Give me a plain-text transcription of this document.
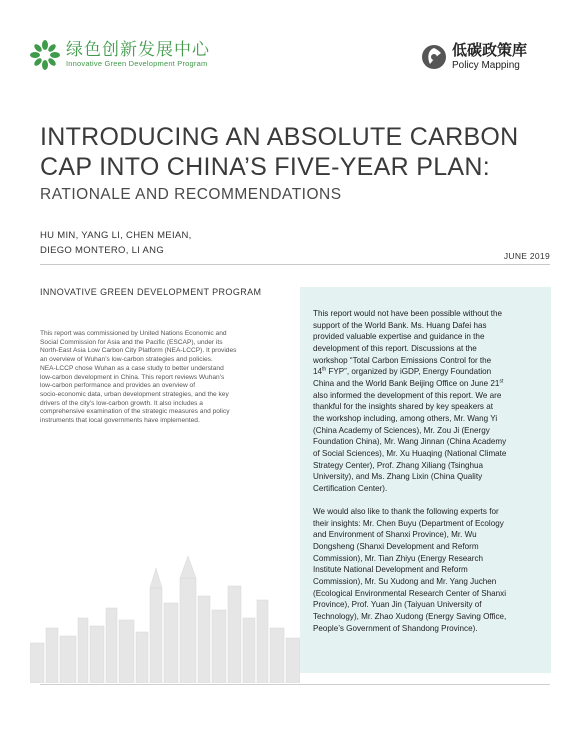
绿色创新发展中心
Innovative Green Development Program
低碳政策库
Policy Mapping
INTRODUCING AN ABSOLUTE CARBON
CAP INTO CHINA’S FIVE-YEAR PLAN:
RATIONALE AND RECOMMENDATIONS
HU MIN, YANG LI, CHEN MEIAN,
DIEGO MONTERO, LI ANG	JUNE 2019
INNOVATIVE GREEN DEVELOPMENT PROGRAM
This report was commissioned by United Nations Economic and
Social Commission for Asia and the Pacific (ESCAP), under its
North-East Asia Low Carbon City Platform (NEA-LCCP). It provides
an overview of Wuhan’s low-carbon strategies and policies.
NEA-LCCP chose Wuhan as a case study to better understand
low-carbon development in China. This report reviews Wuhan’s
low-carbon performance and provides an overview of
socio-economic data, urban development strategies, and the key
drivers of the city’s low-carbon growth. It also includes a
comprehensive examination of the strategic measures and policy
instruments that local governments have implemented.

This report would not have been possible without the
support of the World Bank. Ms. Huang Dafei has
provided valuable expertise and guidance in the
development of this report. Discussions at the
workshop “Total Carbon Emissions Control for the
14th FYP”, organized by iGDP, Energy Foundation
China and the World Bank Beijing Office on June 21st
also informed the development of this report. We are
thankful for the insights shared by key speakers at
the workshop including, among others, Mr. Wang Yi
(China Academy of Sciences), Mr. Zou Ji (Energy
Foundation China), Mr. Wang Jinnan (China Academy
of Social Sciences), Mr. Xu Huaqing (National Climate
Strategy Center), Prof. Zhang Xiliang (Tsinghua
University), and Ms. Zhang Lixin (China Quality
Certification Center).

We would also like to thank the following experts for
their insights: Mr. Chen Buyu (Department of Ecology
and Environment of Shanxi Province), Mr. Wu
Dongsheng (Shanxi Development and Reform
Commission), Mr. Tian Zhiyu (Energy Research
Institute National Development and Reform
Commission), Mr. Su Xudong and Mr. Yang Juchen
(Ecological Environmental Research Center of Shanxi
Province), Prof. Yuan Jin (Taiyuan University of
Technology), Mr. Zhao Xudong (Energy Saving Office,
People’s Government of Shandong Province).
